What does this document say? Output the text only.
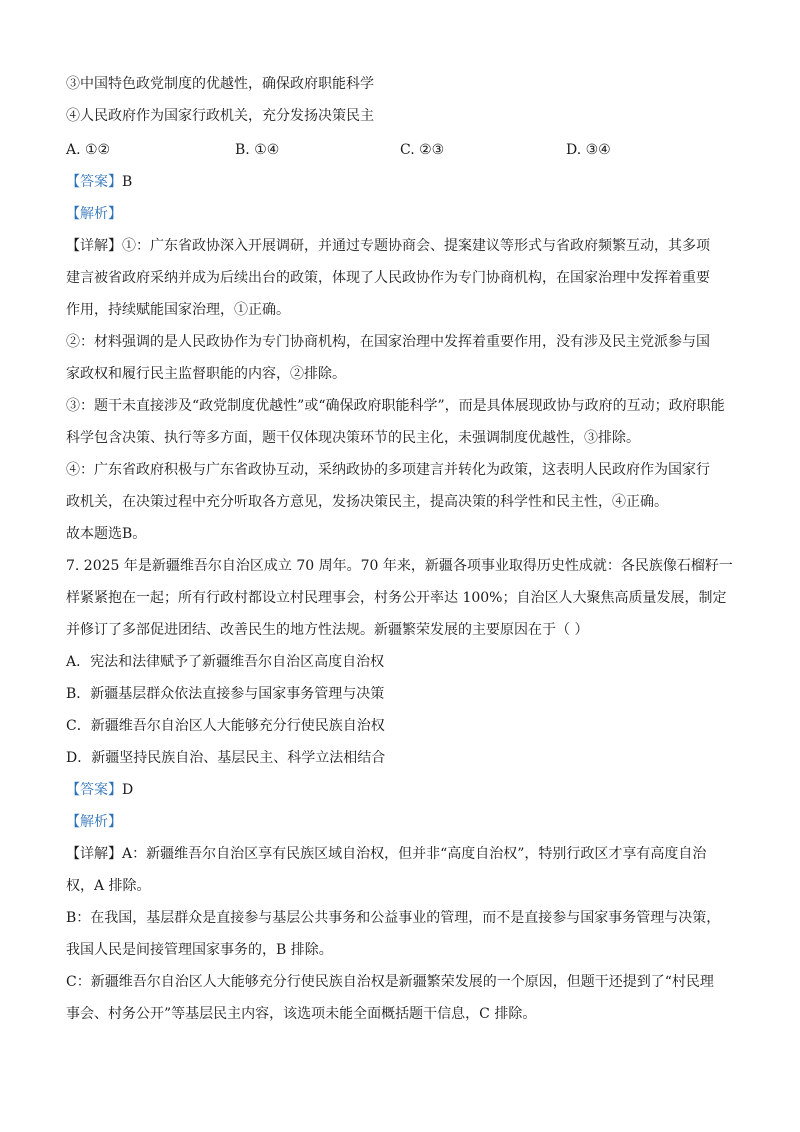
③中国特色政党制度的优越性，确保政府职能科学
④人民政府作为国家行政机关，充分发扬决策民主
A. ①②	B. ①④	C. ②③	D. ③④
【答案】B
【解析】
【详解】①：广东省政协深入开展调研，并通过专题协商会、提案建议等形式与省政府频繁互动，其多项
建言被省政府采纳并成为后续出台的政策，体现了人民政协作为专门协商机构，在国家治理中发挥着重要
作用，持续赋能国家治理，①正确。
②：材料强调的是人民政协作为专门协商机构，在国家治理中发挥着重要作用，没有涉及民主党派参与国
家政权和履行民主监督职能的内容，②排除。
③：题干未直接涉及“政党制度优越性”或“确保政府职能科学”，而是具体展现政协与政府的互动；政府职能
科学包含决策、执行等多方面，题干仅体现决策环节的民主化，未强调制度优越性，③排除。
④：广东省政府积极与广东省政协互动，采纳政协的多项建言并转化为政策，这表明人民政府作为国家行
政机关，在决策过程中充分听取各方意见，发扬决策民主，提高决策的科学性和民主性，④正确。
故本题选B。
7. 2025 年是新疆维吾尔自治区成立 70 周年。70 年来，新疆各项事业取得历史性成就：各民族像石榴籽一
样紧紧抱在一起；所有行政村都设立村民理事会，村务公开率达 100%；自治区人大聚焦高质量发展，制定
并修订了多部促进团结、改善民生的地方性法规。新疆繁荣发展的主要原因在于（ ）
A．宪法和法律赋予了新疆维吾尔自治区高度自治权
B．新疆基层群众依法直接参与国家事务管理与决策
C．新疆维吾尔自治区人大能够充分行使民族自治权
D．新疆坚持民族自治、基层民主、科学立法相结合
【答案】D
【解析】
【详解】A：新疆维吾尔自治区享有民族区域自治权，但并非“高度自治权”，特别行政区才享有高度自治
权，A 排除。
B：在我国，基层群众是直接参与基层公共事务和公益事业的管理，而不是直接参与国家事务管理与决策，
我国人民是间接管理国家事务的，B 排除。
C：新疆维吾尔自治区人大能够充分行使民族自治权是新疆繁荣发展的一个原因，但题干还提到了“村民理
事会、村务公开”等基层民主内容，该选项未能全面概括题干信息，C 排除。
